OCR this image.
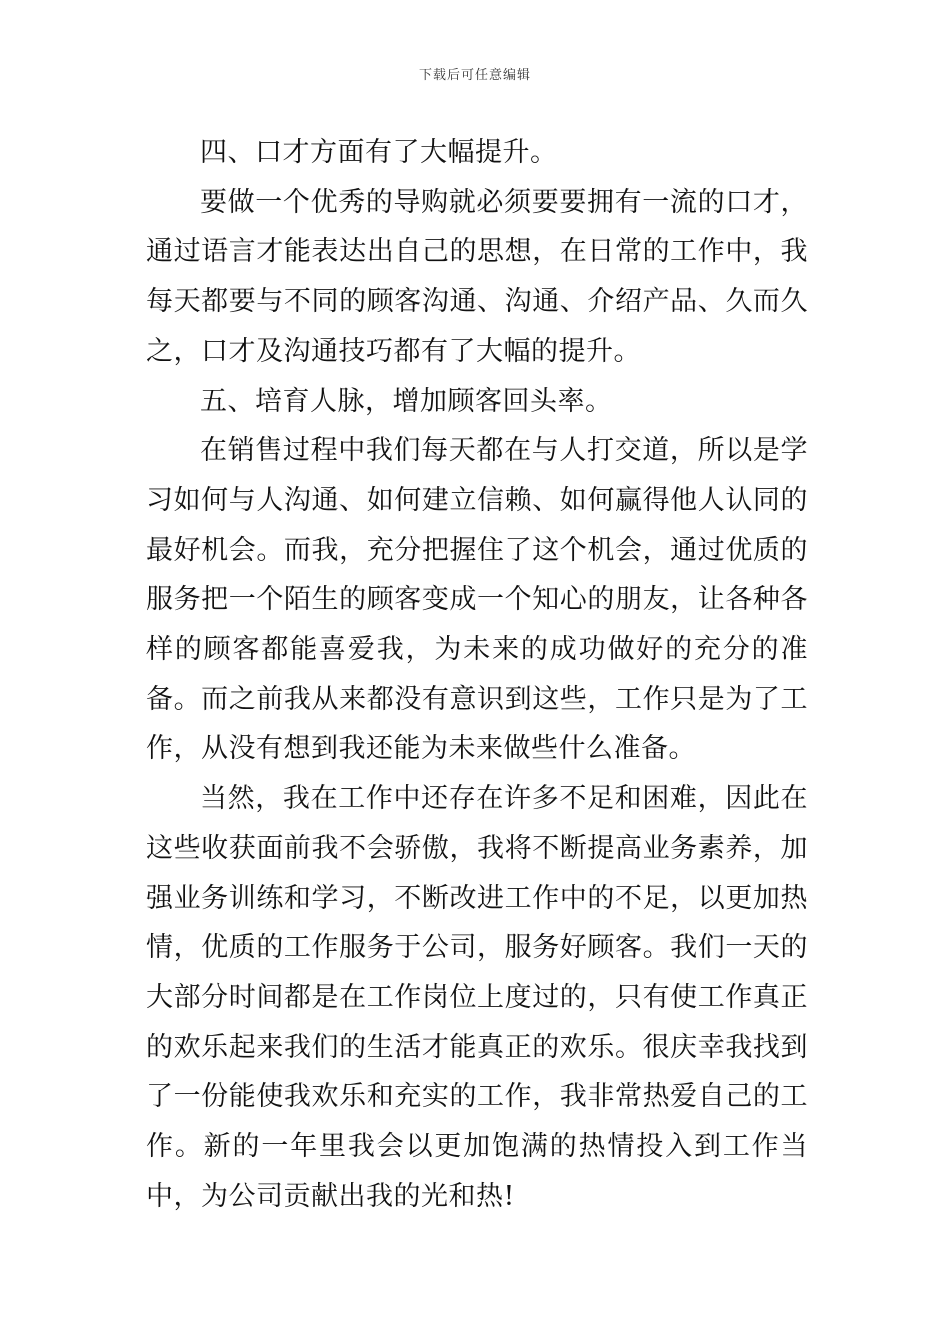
下载后可任意编辑

四、口才方面有了大幅提升。

要做一个优秀的导购就必须要要拥有一流的口才，通过语言才能表达出自己的思想，在日常的工作中，我每天都要与不同的顾客沟通、沟通、介绍产品、久而久之，口才及沟通技巧都有了大幅的提升。

五、培育人脉，增加顾客回头率。

在销售过程中我们每天都在与人打交道，所以是学习如何与人沟通、如何建立信赖、如何赢得他人认同的最好机会。而我，充分把握住了这个机会，通过优质的服务把一个陌生的顾客变成一个知心的朋友，让各种各样的顾客都能喜爱我，为未来的成功做好的充分的准备。而之前我从来都没有意识到这些，工作只是为了工作，从没有想到我还能为未来做些什么准备。

当然，我在工作中还存在许多不足和困难，因此在这些收获面前我不会骄傲，我将不断提高业务素养，加强业务训练和学习，不断改进工作中的不足，以更加热情，优质的工作服务于公司，服务好顾客。我们一天的大部分时间都是在工作岗位上度过的，只有使工作真正的欢乐起来我们的生活才能真正的欢乐。很庆幸我找到了一份能使我欢乐和充实的工作，我非常热爱自己的工作。新的一年里我会以更加饱满的热情投入到工作当中，为公司贡献出我的光和热!
